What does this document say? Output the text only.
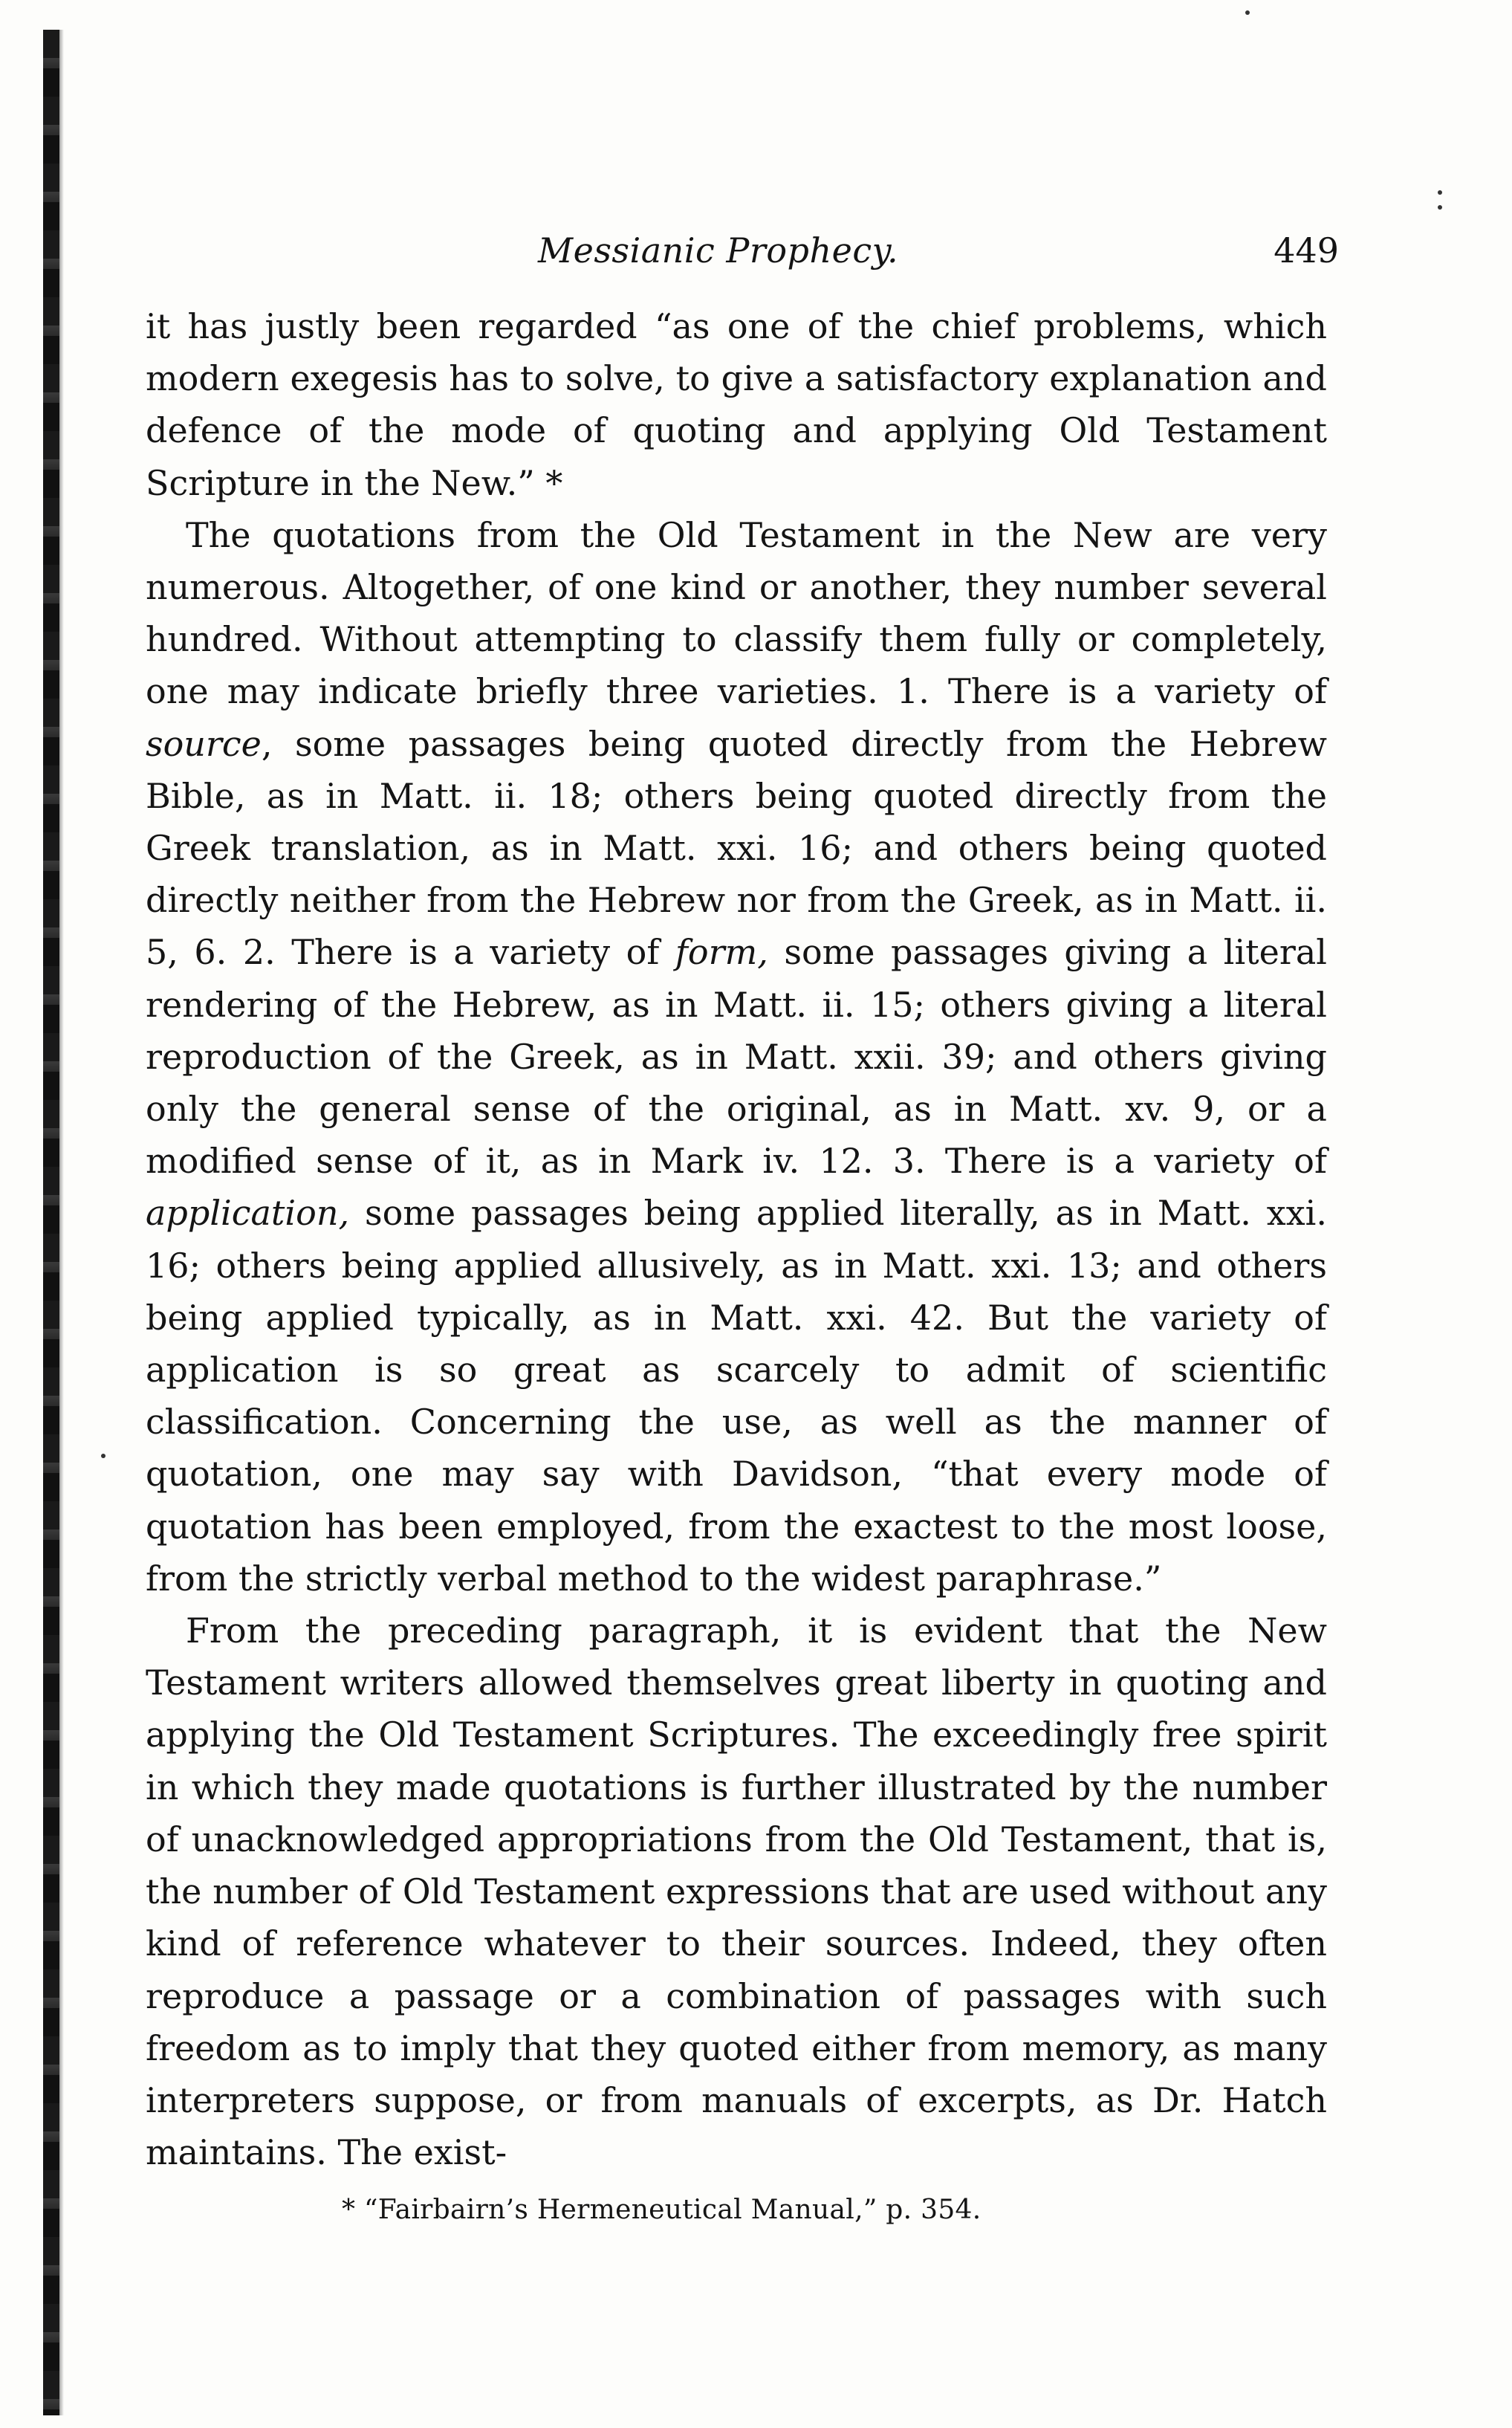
Messianic Prophecy.	449

it has justly been regarded “as one of the chief problems, which modern exegesis has to solve, to give a satisfactory explanation and defence of the mode of quoting and applying Old Testament Scripture in the New.” *

The quotations from the Old Testament in the New are very numerous. Altogether, of one kind or another, they number several hundred. Without attempting to classify them fully or completely, one may indicate briefly three varieties. 1. There is a variety of source, some passages being quoted directly from the Hebrew Bible, as in Matt. ii. 18; others being quoted directly from the Greek translation, as in Matt. xxi. 16; and others being quoted directly neither from the Hebrew nor from the Greek, as in Matt. ii. 5, 6. 2. There is a variety of form, some passages giving a literal rendering of the Hebrew, as in Matt. ii. 15; others giving a literal reproduction of the Greek, as in Matt. xxii. 39; and others giving only the general sense of the original, as in Matt. xv. 9, or a modified sense of it, as in Mark iv. 12. 3. There is a variety of application, some passages being applied literally, as in Matt. xxi. 16; others being applied allusively, as in Matt. xxi. 13; and others being applied typically, as in Matt. xxi. 42. But the variety of application is so great as scarcely to admit of scientific classification. Concerning the use, as well as the manner of quotation, one may say with Davidson, “that every mode of quotation has been employed, from the exactest to the most loose, from the strictly verbal method to the widest paraphrase.”

From the preceding paragraph, it is evident that the New Testament writers allowed themselves great liberty in quoting and applying the Old Testament Scriptures. The exceedingly free spirit in which they made quotations is further illustrated by the number of unacknowledged appropriations from the Old Testament, that is, the number of Old Testament expressions that are used without any kind of reference whatever to their sources. Indeed, they often reproduce a passage or a combination of passages with such freedom as to imply that they quoted either from memory, as many interpreters suppose, or from manuals of excerpts, as Dr. Hatch maintains. The exist-

* “Fairbairn’s Hermeneutical Manual,” p. 354.
